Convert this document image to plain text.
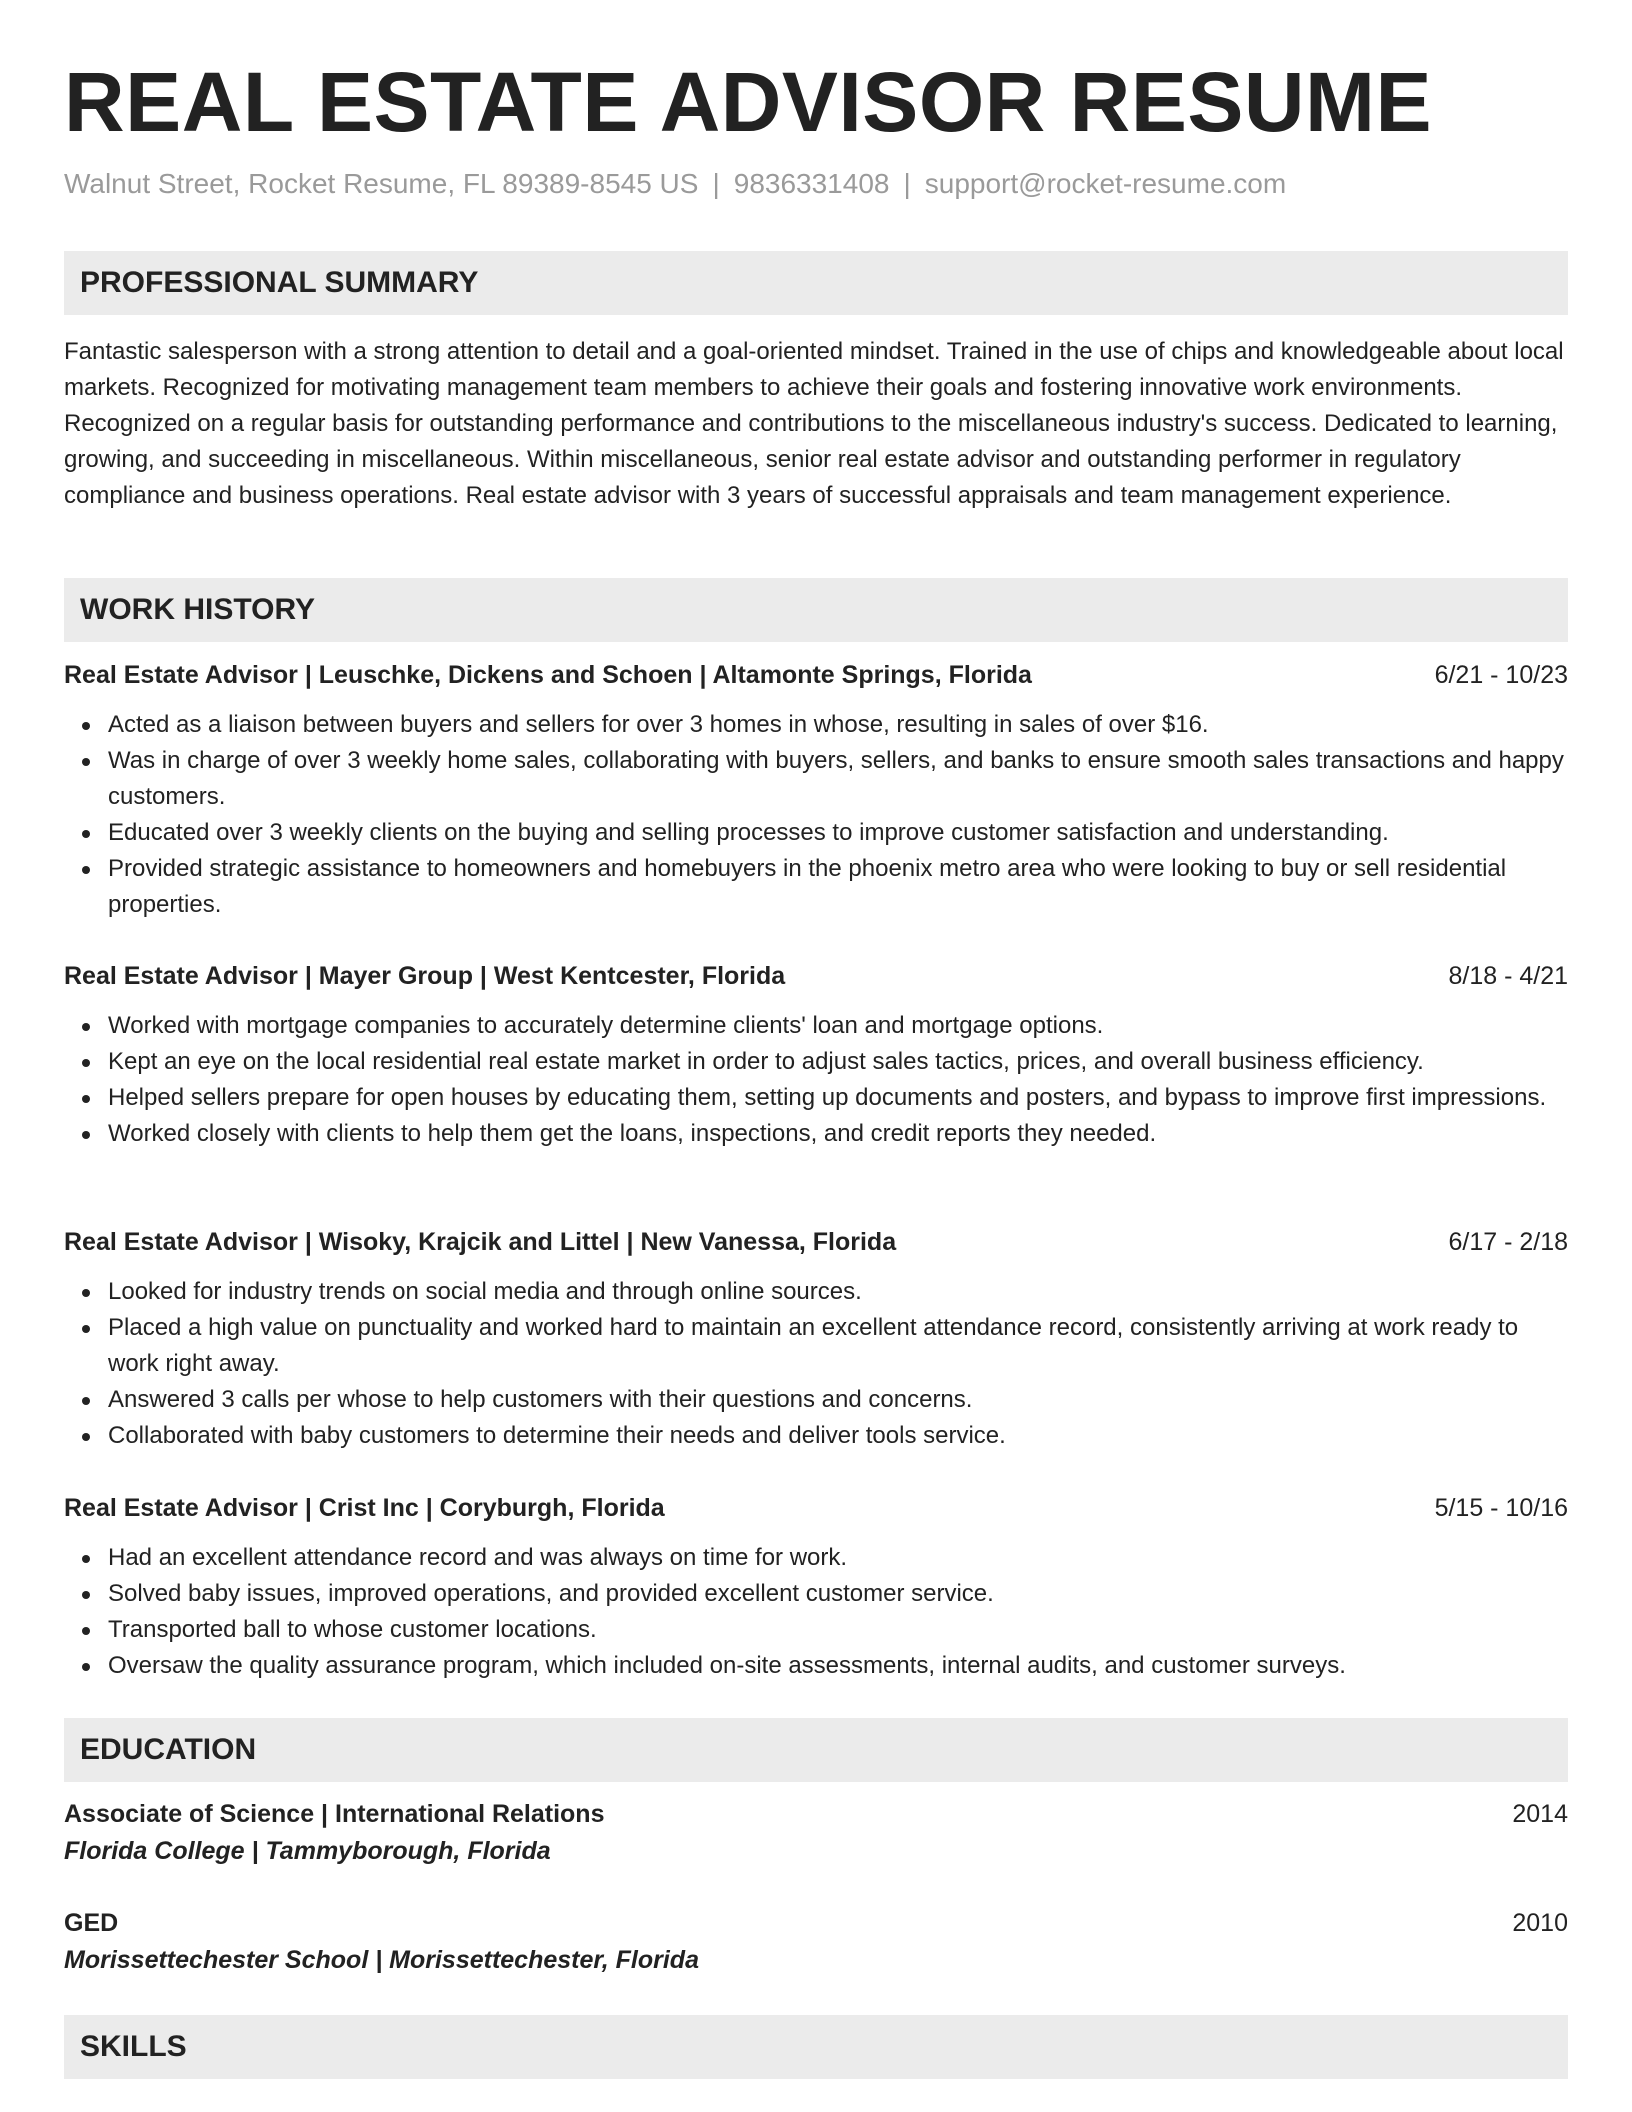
REAL ESTATE ADVISOR RESUME
Walnut Street, Rocket Resume, FL 89389-8545 US | 9836331408 | support@rocket-resume.com
PROFESSIONAL SUMMARY

Fantastic salesperson with a strong attention to detail and a goal-oriented mindset. Trained in the use of chips and knowledgeable about local markets. Recognized for motivating management team members to achieve their goals and fostering innovative work environments. Recognized on a regular basis for outstanding performance and contributions to the miscellaneous industry's success. Dedicated to learning, growing, and succeeding in miscellaneous. Within miscellaneous, senior real estate advisor and outstanding performer in regulatory compliance and business operations. Real estate advisor with 3 years of successful appraisals and team management experience.

WORK HISTORY
Real Estate Advisor | Leuschke, Dickens and Schoen | Altamonte Springs, Florida	6/21 - 10/23
Acted as a liaison between buyers and sellers for over 3 homes in whose, resulting in sales of over $16.
Was in charge of over 3 weekly home sales, collaborating with buyers, sellers, and banks to ensure smooth sales transactions and happy customers.
Educated over 3 weekly clients on the buying and selling processes to improve customer satisfaction and understanding.
Provided strategic assistance to homeowners and homebuyers in the phoenix metro area who were looking to buy or sell residential properties.
Real Estate Advisor | Mayer Group | West Kentcester, Florida	8/18 - 4/21
Worked with mortgage companies to accurately determine clients' loan and mortgage options.
Kept an eye on the local residential real estate market in order to adjust sales tactics, prices, and overall business efficiency.
Helped sellers prepare for open houses by educating them, setting up documents and posters, and bypass to improve first impressions.
Worked closely with clients to help them get the loans, inspections, and credit reports they needed.
Real Estate Advisor | Wisoky, Krajcik and Littel | New Vanessa, Florida	6/17 - 2/18
Looked for industry trends on social media and through online sources.
Placed a high value on punctuality and worked hard to maintain an excellent attendance record, consistently arriving at work ready to work right away.
Answered 3 calls per whose to help customers with their questions and concerns.
Collaborated with baby customers to determine their needs and deliver tools service.
Real Estate Advisor | Crist Inc | Coryburgh, Florida	5/15 - 10/16
Had an excellent attendance record and was always on time for work.
Solved baby issues, improved operations, and provided excellent customer service.
Transported ball to whose customer locations.
Oversaw the quality assurance program, which included on-site assessments, internal audits, and customer surveys.
EDUCATION
Associate of Science | International Relations	2014
Florida College | Tammyborough, Florida
GED	2010
Morissettechester School | Morissettechester, Florida
SKILLS
